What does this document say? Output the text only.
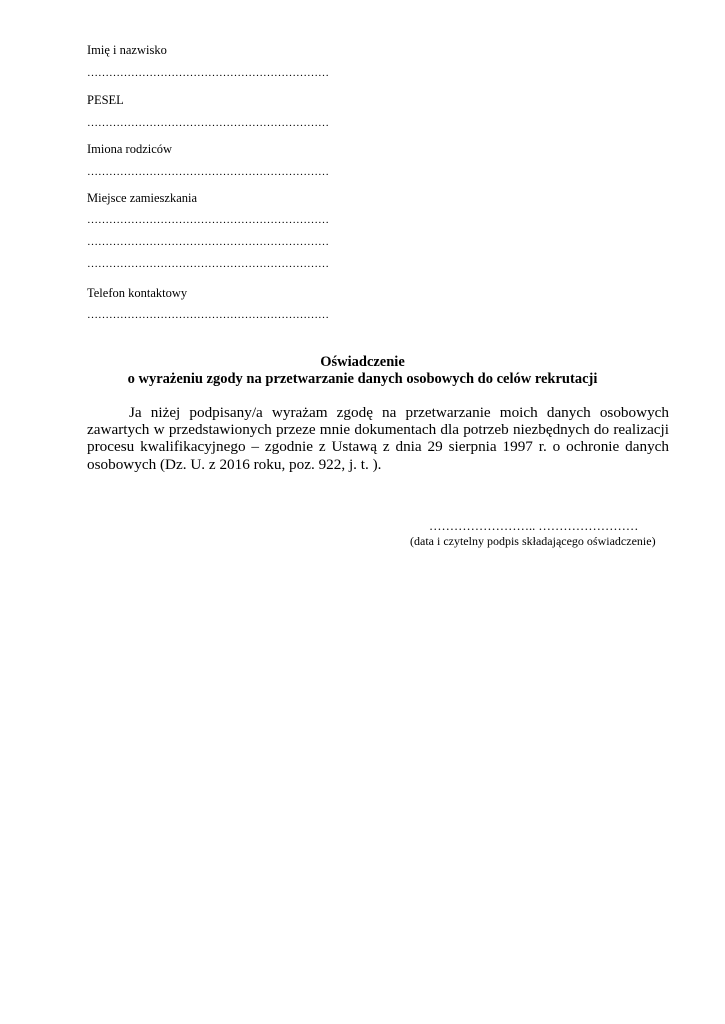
Imię i nazwisko
…………………………………………………………
PESEL
…………………………………………………………
Imiona rodziców
…………………………………………………………
Miejsce zamieszkania
…………………………………………………………
…………………………………………………………
…………………………………………………………
Telefon kontaktowy
…………………………………………………………
Oświadczenie
o wyrażeniu zgody na przetwarzanie danych osobowych do celów rekrutacji
Ja niżej podpisany/a wyrażam zgodę na przetwarzanie moich danych osobowych zawartych w przedstawionych przeze mnie dokumentach dla potrzeb niezbędnych do realizacji procesu kwalifikacyjnego – zgodnie z Ustawą z dnia 29 sierpnia 1997 r. o ochronie danych osobowych (Dz. U. z 2016 roku, poz. 922, j. t. ).
…………………….. ……………………
(data i czytelny podpis składającego oświadczenie)
